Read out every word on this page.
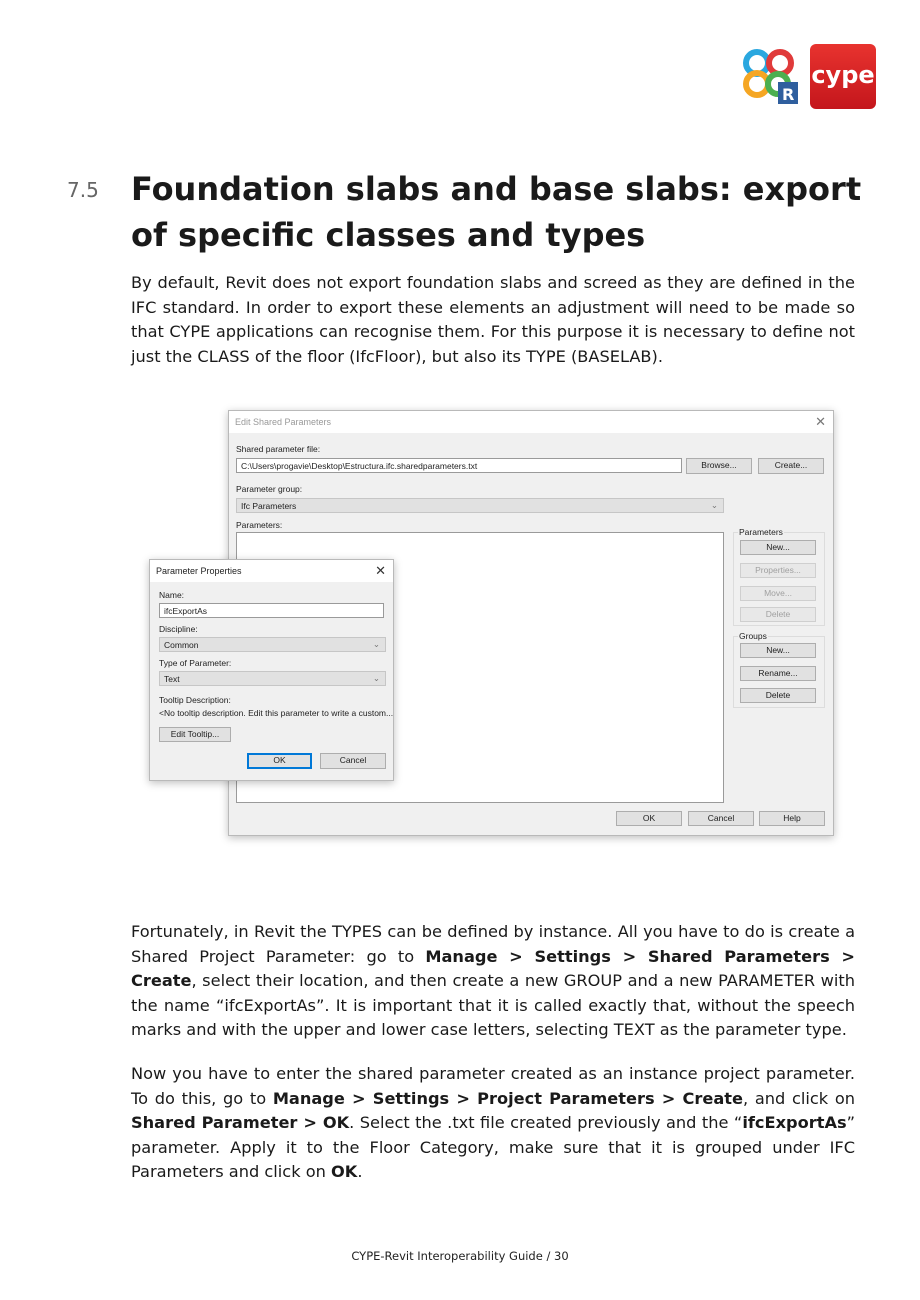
R
cype
7.5 Foundation slabs and base slabs: export of specific classes and types

By default, Revit does not export foundation slabs and screed as they are defined in the IFC standard. In order to export these elements an adjustment will need to be made so that CYPE applications can recognise them. For this purpose it is necessary to define not just the CLASS of the floor (IfcFloor), but also its TYPE (BASELAB).

Edit Shared Parameters	✕
Shared parameter file:
C:\Users\progavie\Desktop\Estructura.ifc.sharedparameters.txt	Browse...	Create...
Parameter group:
Ifc Parameters	⌄
Parameters:
Parameters
New...
Properties...
Move...
Delete
Groups
New...
Rename...
Delete
OK	Cancel	Help
Parameter Properties	✕
Name:
ifcExportAs
Discipline:
Common	⌄
Type of Parameter:
Text	⌄
Tooltip Description:
<No tooltip description. Edit this parameter to write a custom...
Edit Tooltip...
OK	Cancel

Fortunately, in Revit the TYPES can be defined by instance. All you have to do is create a Shared Project Parameter: go to Manage > Settings > Shared Parameters > Create, select their location, and then create a new GROUP and a new PARAMETER with the name “ifcExportAs”. It is important that it is called exactly that, without the speech marks and with the upper and lower case letters, selecting TEXT as the parameter type.

Now you have to enter the shared parameter created as an instance project parameter. To do this, go to Manage > Settings > Project Parameters > Create, and click on Shared Parameter > OK. Select the .txt file created previously and the “ifcExportAs” parameter. Apply it to the Floor Category, make sure that it is grouped under IFC Parameters and click on OK.

CYPE-Revit Interoperability Guide / 30
